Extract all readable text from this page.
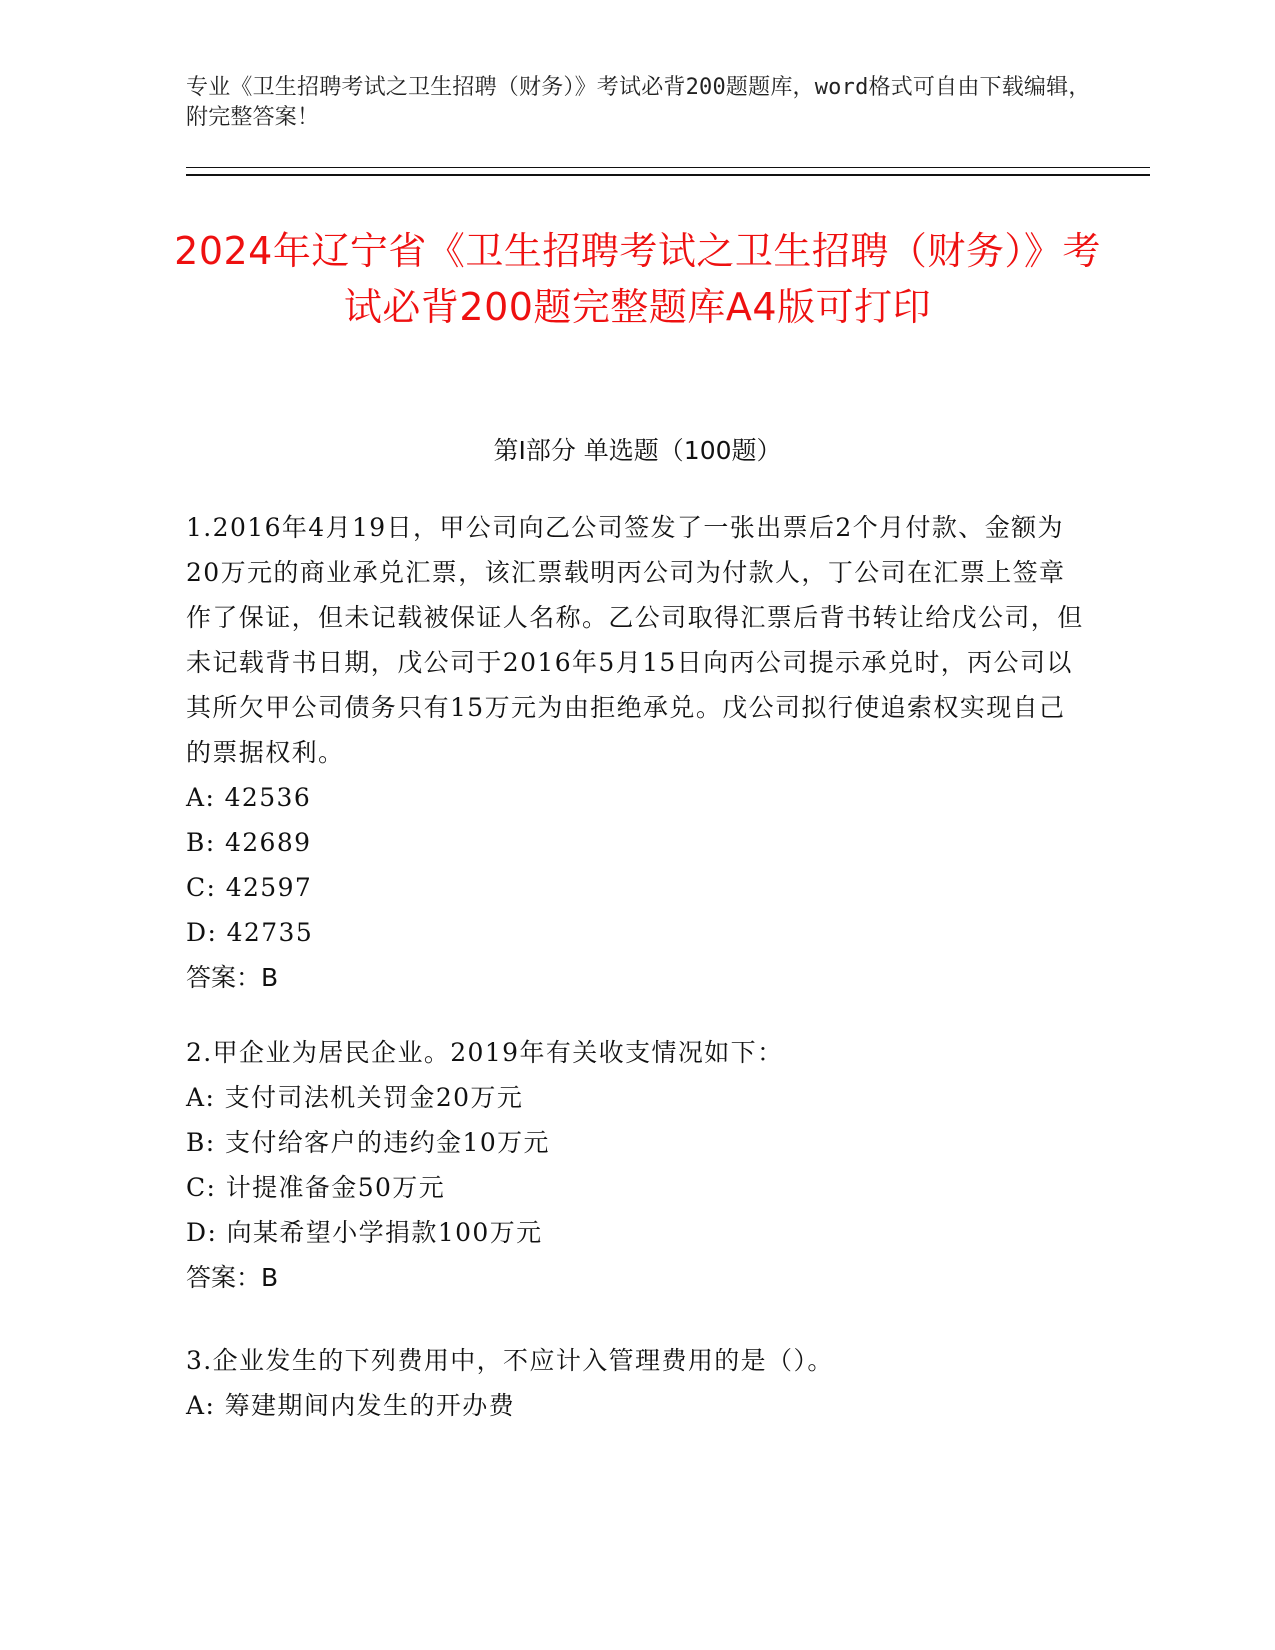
专业《卫生招聘考试之卫生招聘（财务）》考试必背200题题库，word格式可自由下载编辑，附完整答案！
2024年辽宁省《卫生招聘考试之卫生招聘（财务）》考试必背200题完整题库A4版可打印
第I部分 单选题（100题）

1.2016年4月19日，甲公司向乙公司签发了一张出票后2个月付款、金额为20万元的商业承兑汇票，该汇票载明丙公司为付款人，丁公司在汇票上签章作了保证，但未记载被保证人名称。乙公司取得汇票后背书转让给戊公司，但未记载背书日期，戊公司于2016年5月15日向丙公司提示承兑时，丙公司以其所欠甲公司债务只有15万元为由拒绝承兑。戊公司拟行使追索权实现自己的票据权利。

A: 42536

B: 42689

C: 42597

D: 42735

答案：B

2.甲企业为居民企业。2019年有关收支情况如下：

A: 支付司法机关罚金20万元

B: 支付给客户的违约金10万元

C: 计提准备金50万元

D: 向某希望小学捐款100万元

答案：B

3.企业发生的下列费用中，不应计入管理费用的是（）。

A: 筹建期间内发生的开办费
